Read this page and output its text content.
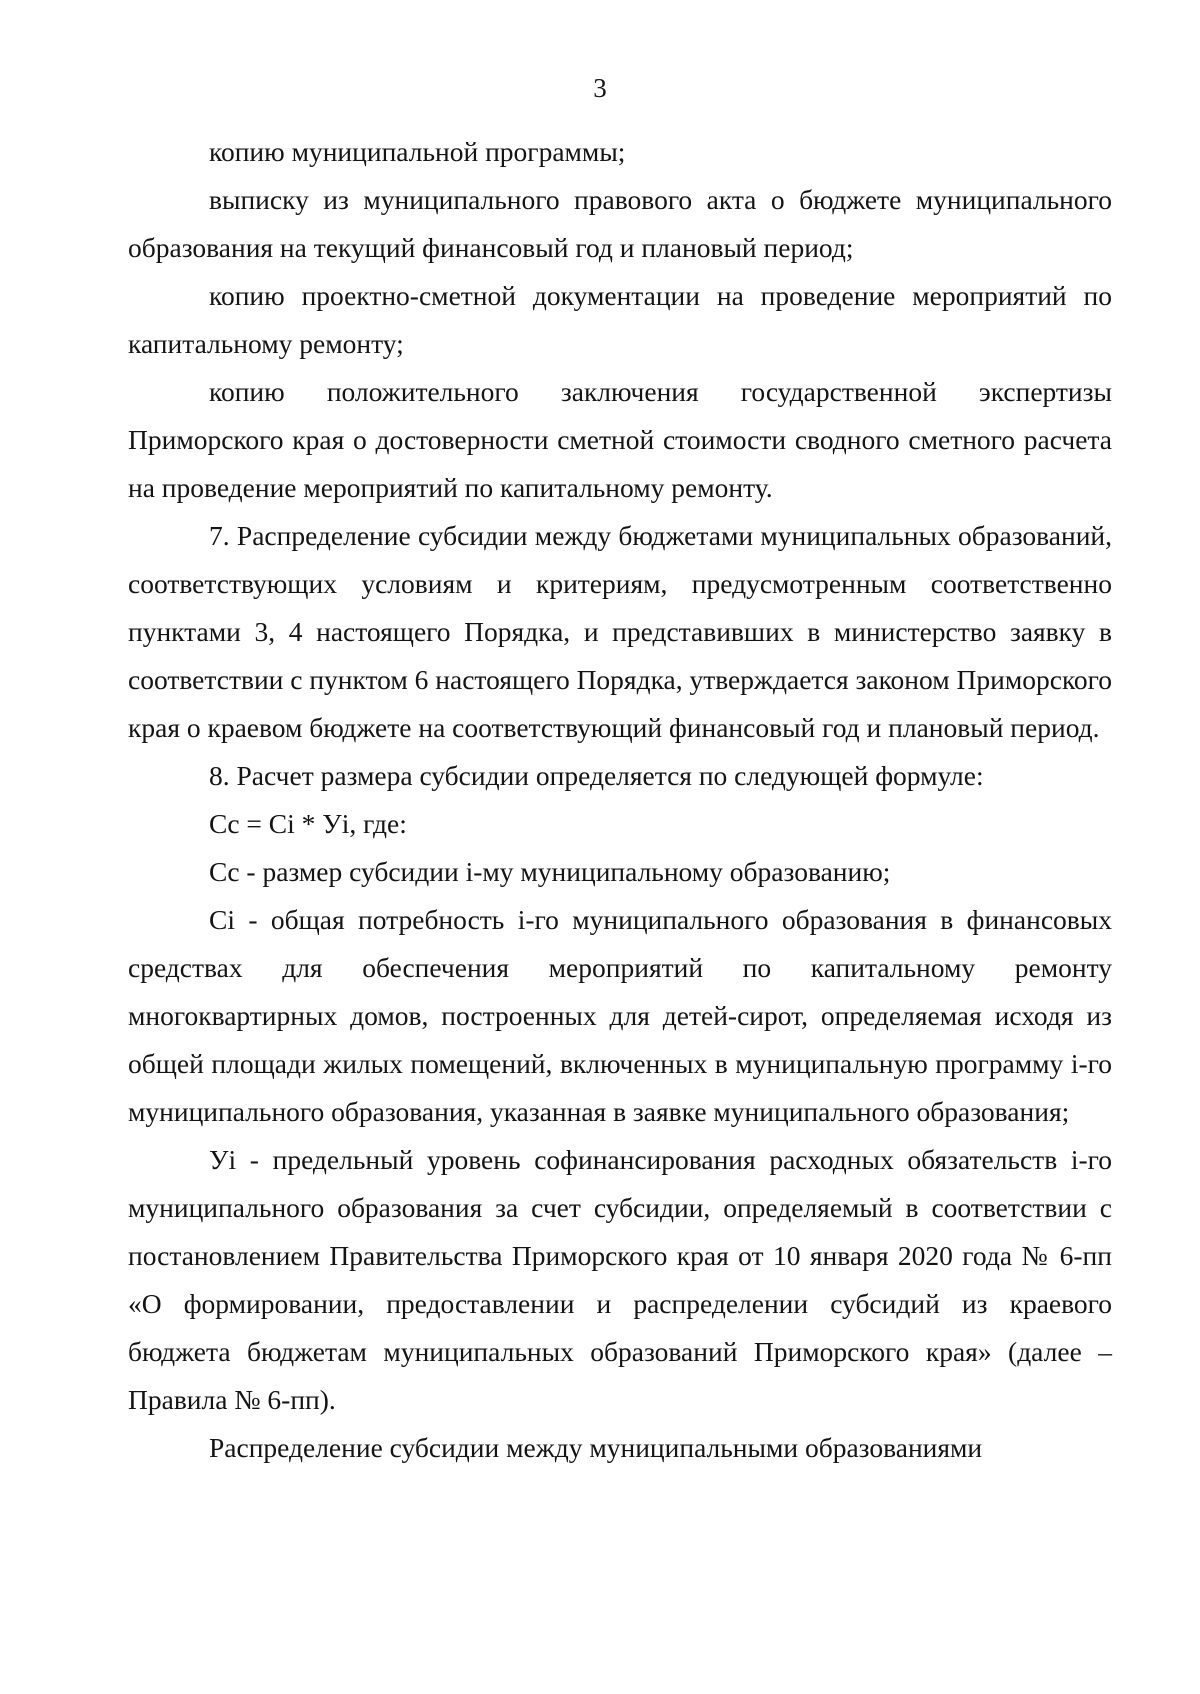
3

копию муниципальной программы;

выписку из муниципального правового акта о бюджете муниципального образования на текущий финансовый год и плановый период;

копию проектно-сметной документации на проведение мероприятий по капитальному ремонту;

копию положительного заключения государственной экспертизы Приморского края о достоверности сметной стоимости сводного сметного расчета на проведение мероприятий по капитальному ремонту.

7. Распределение субсидии между бюджетами муниципальных образований, соответствующих условиям и критериям, предусмотренным соответственно пунктами 3, 4 настоящего Порядка, и представивших в министерство заявку в соответствии с пунктом 6 настоящего Порядка, утверждается законом Приморского края о краевом бюджете на соответствующий финансовый год и плановый период.

8. Расчет размера субсидии определяется по следующей формуле:

Cc = Ci * Уi, где:

Cc - размер субсидии i-му муниципальному образованию;

Ci - общая потребность i-го муниципального образования в финансовых средствах для обеспечения мероприятий по капитальному ремонту многоквартирных домов, построенных для детей-сирот, определяемая исходя из общей площади жилых помещений, включенных в муниципальную программу i-го муниципального образования, указанная в заявке муниципального образования;

Уi - предельный уровень софинансирования расходных обязательств i-го муниципального образования за счет субсидии, определяемый в соответствии с постановлением Правительства Приморского края от 10 января 2020 года № 6-пп «О формировании, предоставлении и распределении субсидий из краевого бюджета бюджетам муниципальных образований Приморского края» (далее – Правила № 6-пп).

Распределение субсидии между муниципальными образованиями
